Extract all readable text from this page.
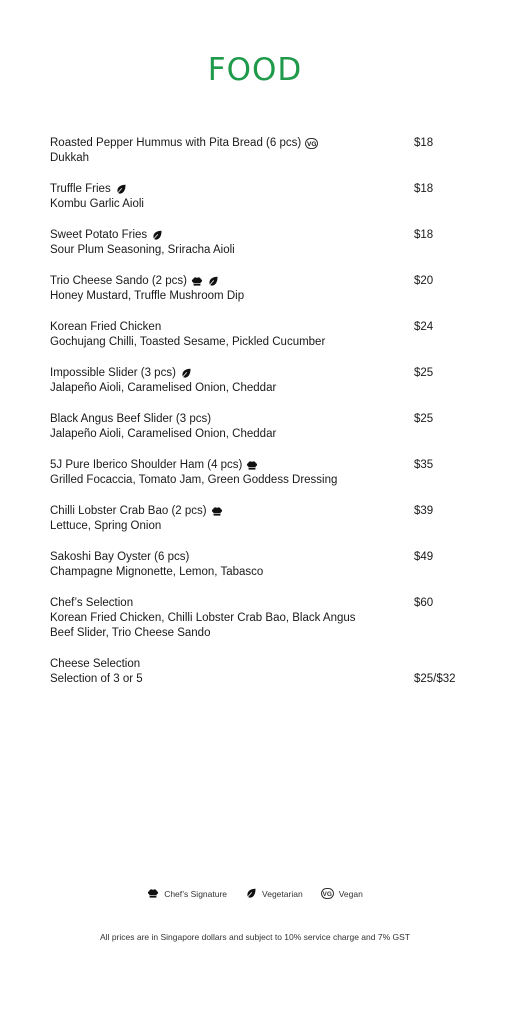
FOOD
Roasted Pepper Hummus with Pita Bread (6 pcs) VG
Dukkah
$18
Truffle Fries
Kombu Garlic Aioli
$18
Sweet Potato Fries
Sour Plum Seasoning, Sriracha Aioli
$18
Trio Cheese Sando (2 pcs)
Honey Mustard, Truffle Mushroom Dip
$20
Korean Fried Chicken
Gochujang Chilli, Toasted Sesame, Pickled Cucumber
$24
Impossible Slider (3 pcs)
Jalapeño Aioli, Caramelised Onion, Cheddar
$25
Black Angus Beef Slider (3 pcs)
Jalapeño Aioli, Caramelised Onion, Cheddar
$25
5J Pure Iberico Shoulder Ham (4 pcs)
Grilled Focaccia, Tomato Jam, Green Goddess Dressing
$35
Chilli Lobster Crab Bao (2 pcs)
Lettuce, Spring Onion
$39
Sakoshi Bay Oyster (6 pcs)
Champagne Mignonette, Lemon, Tabasco
$49
Chef’s Selection
Korean Fried Chicken, Chilli Lobster Crab Bao, Black Angus Beef Slider, Trio Cheese Sando
$60
Cheese Selection
Selection of 3 or 5	$25/$32
Chef’s Signature	Vegetarian	VG Vegan
All prices are in Singapore dollars and subject to 10% service charge and 7% GST
